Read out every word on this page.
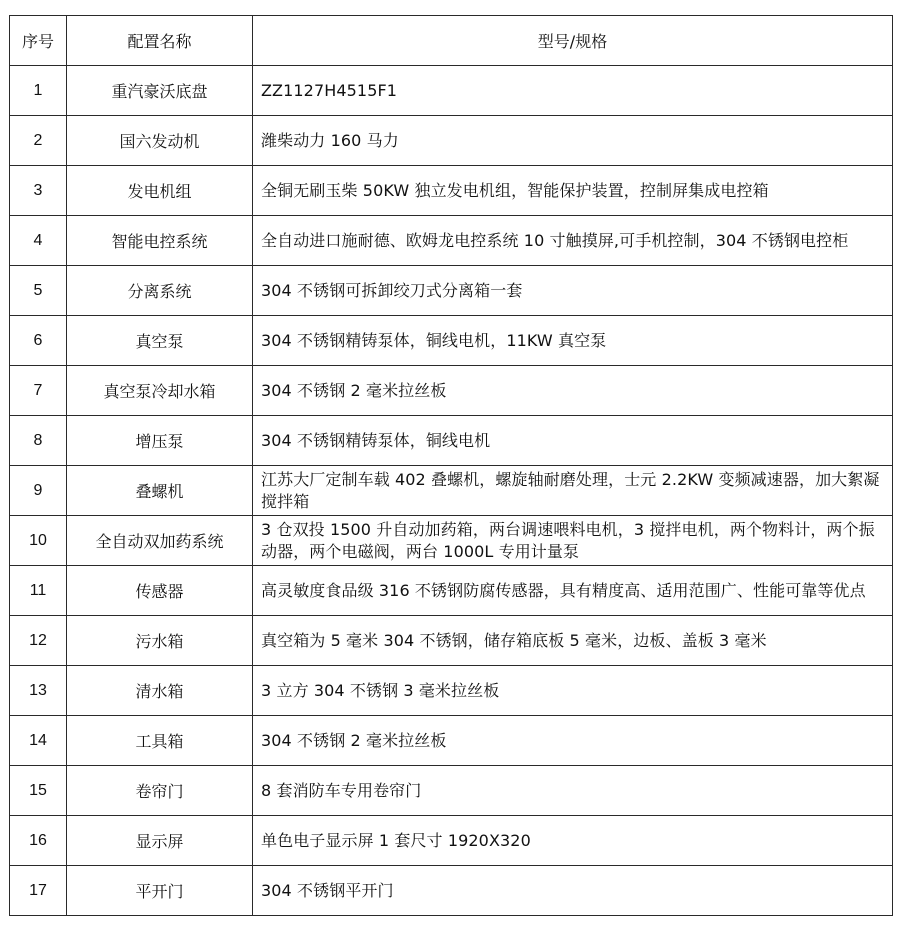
序号	配置名称	型号/规格
1	重汽豪沃底盘	ZZ1127H4515F1
2	国六发动机	潍柴动力 160 马力
3	发电机组	全铜无刷玉柴 50KW 独立发电机组，智能保护装置，控制屏集成电控箱
4	智能电控系统	全自动进口施耐德、欧姆龙电控系统 10 寸触摸屏,可手机控制，304 不锈钢电控柜
5	分离系统	304 不锈钢可拆卸绞刀式分离箱一套
6	真空泵	304 不锈钢精铸泵体，铜线电机，11KW 真空泵
7	真空泵冷却水箱	304 不锈钢 2 毫米拉丝板
8	增压泵	304 不锈钢精铸泵体，铜线电机
9	叠螺机	江苏大厂定制车载 402 叠螺机，螺旋轴耐磨处理，士元 2.2KW 变频减速器，加大絮凝搅拌箱
10	全自动双加药系统	3 仓双投 1500 升自动加药箱，两台调速喂料电机，3 搅拌电机，两个物料计，两个振动器，两个电磁阀，两台 1000L 专用计量泵
11	传感器	高灵敏度食品级 316 不锈钢防腐传感器，具有精度高、适用范围广、性能可靠等优点
12	污水箱	真空箱为 5 毫米 304 不锈钢，储存箱底板 5 毫米，边板、盖板 3 毫米
13	清水箱	3 立方 304 不锈钢 3 毫米拉丝板
14	工具箱	304 不锈钢 2 毫米拉丝板
15	卷帘门	8 套消防车专用卷帘门
16	显示屏	单色电子显示屏 1 套尺寸 1920X320
17	平开门	304 不锈钢平开门
